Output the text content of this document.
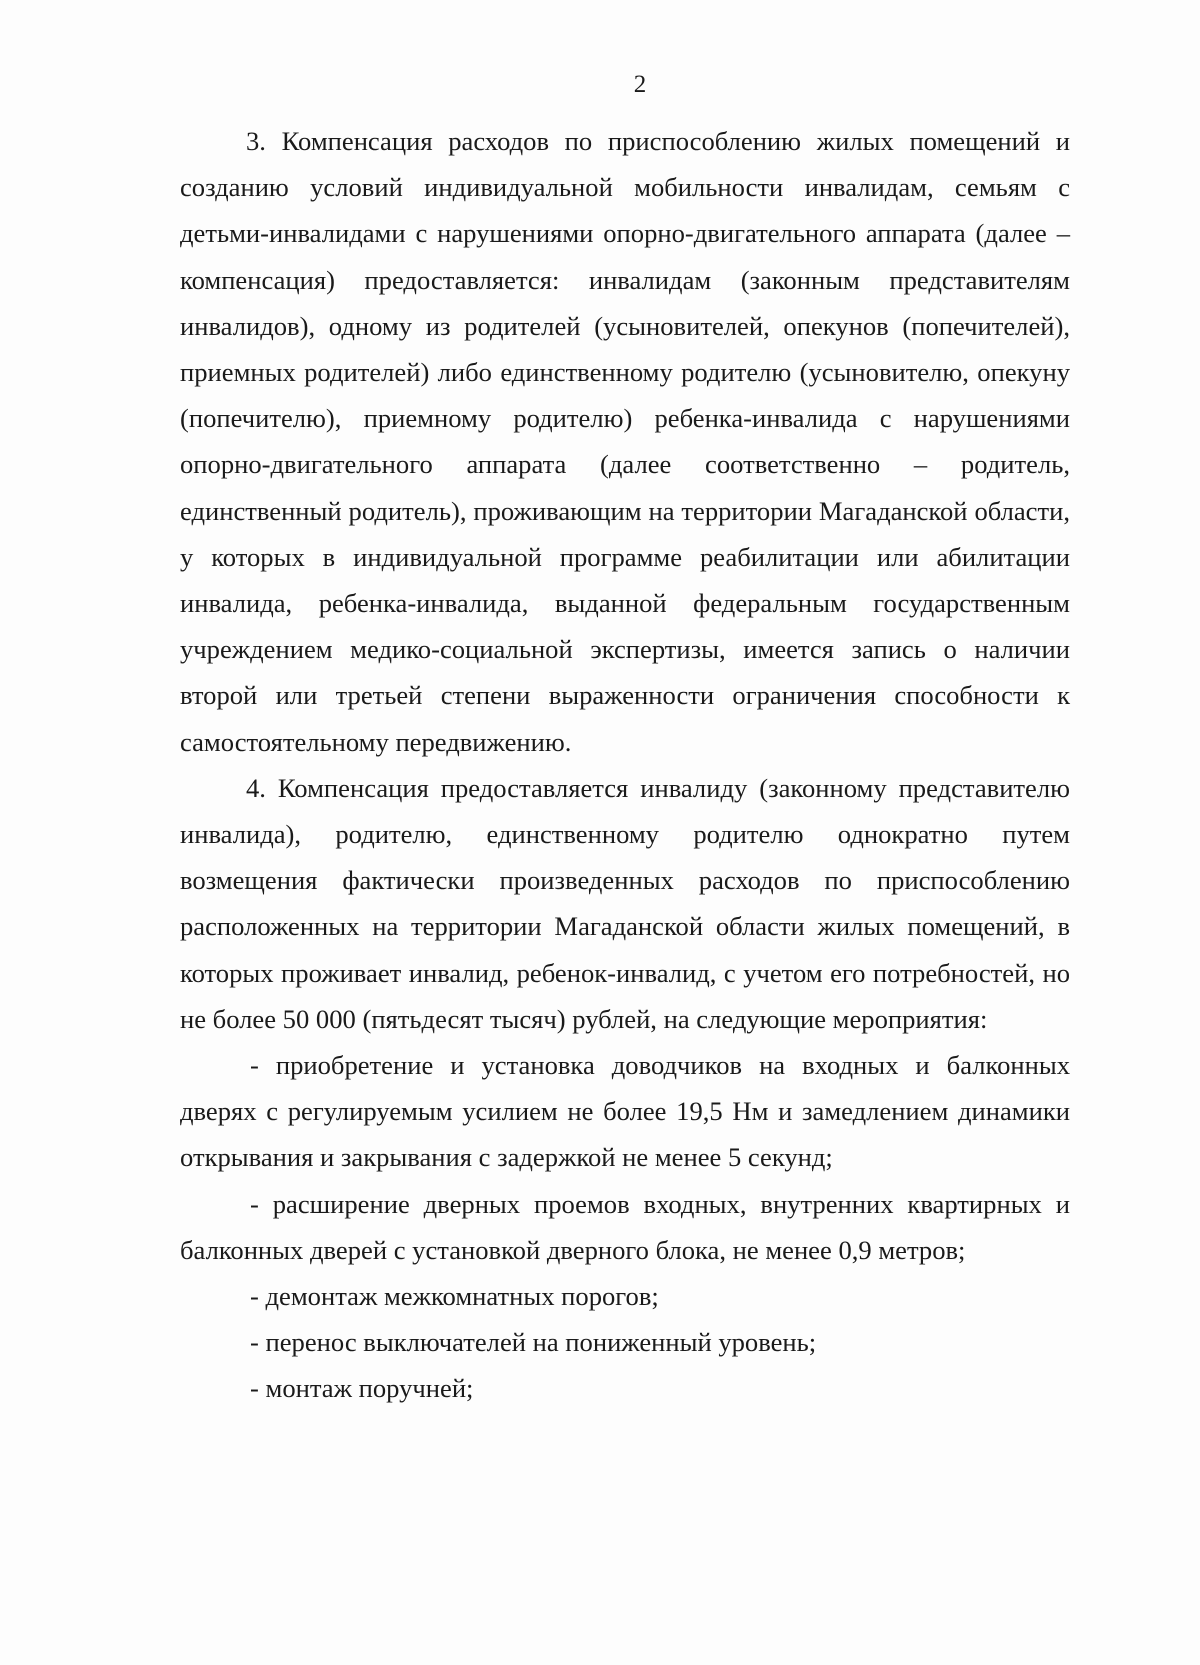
2

3. Компенсация расходов по приспособлению жилых помещений и созданию условий индивидуальной мобильности инвалидам, семьям с детьми-инвалидами с нарушениями опорно-двигательного аппарата (далее – компенсация) предоставляется: инвалидам (законным представителям инвалидов), одному из родителей (усыновителей, опекунов (попечителей), приемных родителей) либо единственному родителю (усыновителю, опекуну (попечителю), приемному родителю) ребенка-инвалида с нарушениями опорно-двигательного аппарата (далее соответственно – родитель, единственный родитель), проживающим на территории Магаданской области, у которых в индивидуальной программе реабилитации или абилитации инвалида, ребенка-инвалида, выданной федеральным государственным учреждением медико-социальной экспертизы, имеется запись о наличии второй или третьей степени выраженности ограничения способности к самостоятельному передвижению.

4. Компенсация предоставляется инвалиду (законному представителю инвалида), родителю, единственному родителю однократно путем возмещения фактически произведенных расходов по приспособлению расположенных на территории Магаданской области жилых помещений, в которых проживает инвалид, ребенок-инвалид, с учетом его потребностей, но не более 50 000 (пятьдесят тысяч) рублей, на следующие мероприятия:

- приобретение и установка доводчиков на входных и балконных дверях с регулируемым усилием не более 19,5 Нм и замедлением динамики открывания и закрывания с задержкой не менее 5 секунд;

- расширение дверных проемов входных, внутренних квартирных и балконных дверей с установкой дверного блока, не менее 0,9 метров;

- демонтаж межкомнатных порогов;

- перенос выключателей на пониженный уровень;

- монтаж поручней;
